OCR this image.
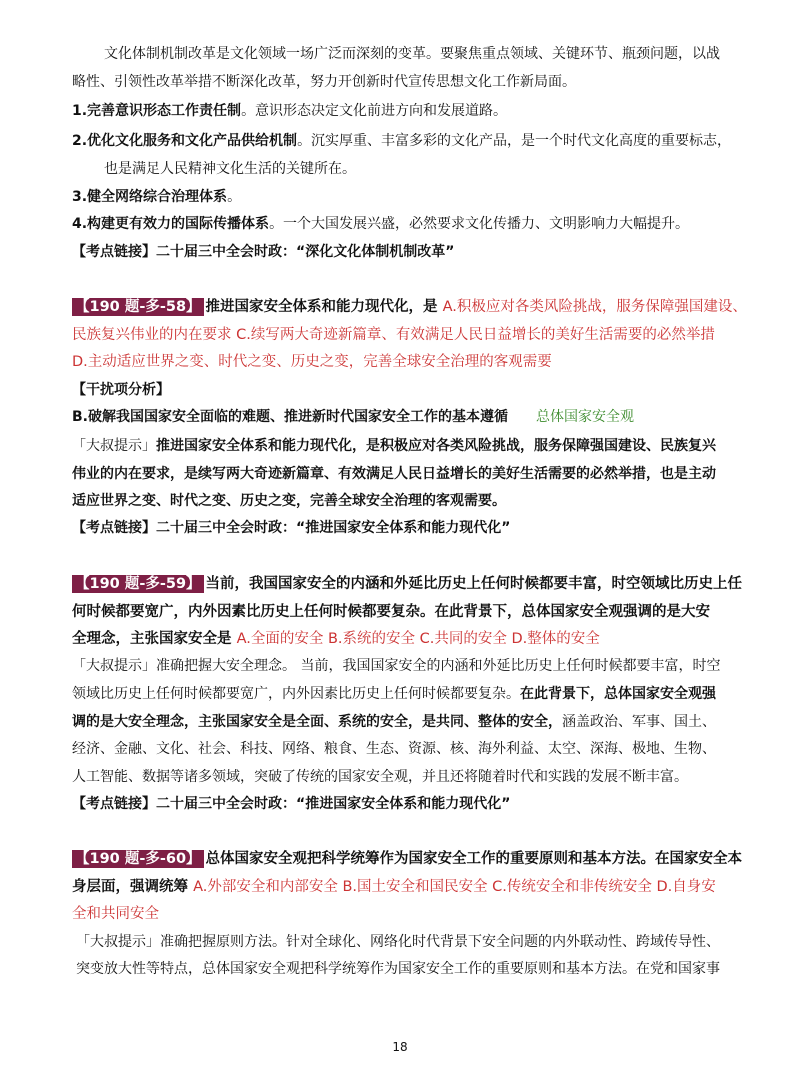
文化体制机制改革是文化领域一场广泛而深刻的变革。要聚焦重点领域、关键环节、瓶颈问题，以战
略性、引领性改革举措不断深化改革，努力开创新时代宣传思想文化工作新局面。
1.完善意识形态工作责任制。意识形态决定文化前进方向和发展道路。
2.优化文化服务和文化产品供给机制。沉实厚重、丰富多彩的文化产品，是一个时代文化高度的重要标志，
也是满足人民精神文化生活的关键所在。
3.健全网络综合治理体系。
4.构建更有效力的国际传播体系。一个大国发展兴盛，必然要求文化传播力、文明影响力大幅提升。
【考点链接】二十届三中全会时政：“深化文化体制机制改革”
【190 题-多-58】 推进国家安全体系和能力现代化，是 A.积极应对各类风险挑战，服务保障强国建设、
民族复兴伟业的内在要求 C.续写两大奇迹新篇章、有效满足人民日益增长的美好生活需要的必然举措
D.主动适应世界之变、时代之变、历史之变，完善全球安全治理的客观需要
【干扰项分析】
B.破解我国国家安全面临的难题、推进新时代国家安全工作的基本遵循 总体国家安全观
「大叔提示」推进国家安全体系和能力现代化，是积极应对各类风险挑战，服务保障强国建设、民族复兴
伟业的内在要求，是续写两大奇迹新篇章、有效满足人民日益增长的美好生活需要的必然举措，也是主动
适应世界之变、时代之变、历史之变，完善全球安全治理的客观需要。
【考点链接】二十届三中全会时政：“推进国家安全体系和能力现代化”
【190 题-多-59】 当前，我国国家安全的内涵和外延比历史上任何时候都要丰富，时空领域比历史上任
何时候都要宽广，内外因素比历史上任何时候都要复杂。在此背景下，总体国家安全观强调的是大安
全理念，主张国家安全是 A.全面的安全 B.系统的安全 C.共同的安全 D.整体的安全
「大叔提示」准确把握大安全理念。 当前，我国国家安全的内涵和外延比历史上任何时候都要丰富，时空
领域比历史上任何时候都要宽广，内外因素比历史上任何时候都要复杂。在此背景下，总体国家安全观强
调的是大安全理念，主张国家安全是全面、系统的安全，是共同、整体的安全，涵盖政治、军事、国土、
经济、金融、文化、社会、科技、网络、粮食、生态、资源、核、海外利益、太空、深海、极地、生物、
人工智能、数据等诸多领域，突破了传统的国家安全观，并且还将随着时代和实践的发展不断丰富。
【考点链接】二十届三中全会时政：“推进国家安全体系和能力现代化”
【190 题-多-60】 总体国家安全观把科学统筹作为国家安全工作的重要原则和基本方法。在国家安全本
身层面，强调统筹 A.外部安全和内部安全 B.国土安全和国民安全 C.传统安全和非传统安全 D.自身安
全和共同安全
「大叔提示」准确把握原则方法。针对全球化、网络化时代背景下安全问题的内外联动性、跨域传导性、
突变放大性等特点，总体国家安全观把科学统筹作为国家安全工作的重要原则和基本方法。在党和国家事
18
